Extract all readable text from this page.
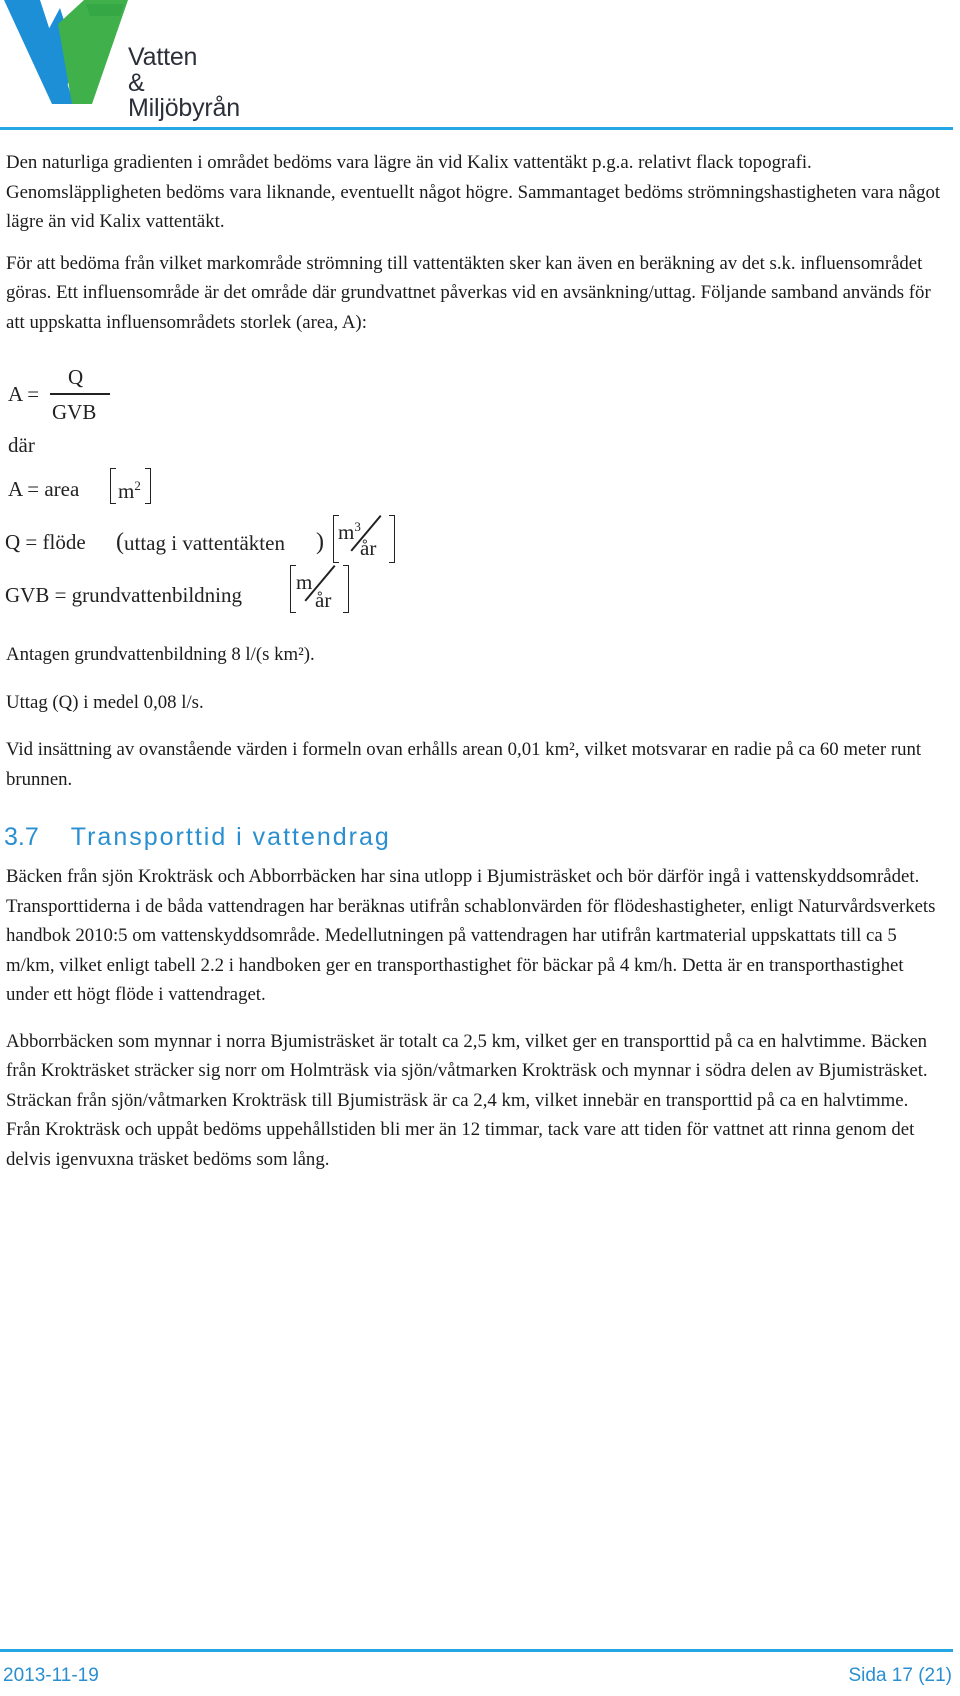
Vatten
& Miljöbyrån

Den naturliga gradienten i området bedöms vara lägre än vid Kalix vattentäkt p.g.a. relativt flack topografi. Genomsläppligheten bedöms vara liknande, eventuellt något högre. Sammantaget bedöms strömningshastigheten vara något lägre än vid Kalix vattentäkt.

För att bedöma från vilket markområde strömning till vattentäkten sker kan även en beräkning av det s.k. influensområdet göras. Ett influensområde är det område där grundvattnet påverkas vid en avsänkning/uttag. Följande samband används för att uppskatta influensområdets storlek (area, A):

A =
Q
GVB
där
A = area $m^2$
Q = flöde ( uttag i vattentäkten ) $m^3$
år
GVB = grundvattenbildning
m
år

Antagen grundvattenbildning 8 l/(s km²).

Uttag (Q) i medel 0,08 l/s.

Vid insättning av ovanstående värden i formeln ovan erhålls arean 0,01 km², vilket motsvarar en radie på ca 60 meter runt brunnen.

3.7 Transporttid i vattendrag

Bäcken från sjön Krokträsk och Abborrbäcken har sina utlopp i Bjumisträsket och bör därför ingå i vattenskyddsområdet. Transporttiderna i de båda vattendragen har beräknas utifrån schablonvärden för flödeshastigheter, enligt Naturvårdsverkets handbok 2010:5 om vattenskyddsområde. Medellutningen på vattendragen har utifrån kartmaterial uppskattats till ca 5 m/km, vilket enligt tabell 2.2 i handboken ger en transporthastighet för bäckar på 4 km/h. Detta är en transporthastighet under ett högt flöde i vattendraget.

Abborrbäcken som mynnar i norra Bjumisträsket är totalt ca 2,5 km, vilket ger en transporttid på ca en halvtimme. Bäcken från Krokträsket sträcker sig norr om Holmträsk via sjön/våtmarken Krokträsk och mynnar i södra delen av Bjumisträsket. Sträckan från sjön/våtmarken Krokträsk till Bjumisträsk är ca 2,4 km, vilket innebär en transporttid på ca en halvtimme. Från Krokträsk och uppåt bedöms uppehållstiden bli mer än 12 timmar, tack vare att tiden för vattnet att rinna genom det delvis igenvuxna träsket bedöms som lång.

2013-11-19	Sida 17 (21)
